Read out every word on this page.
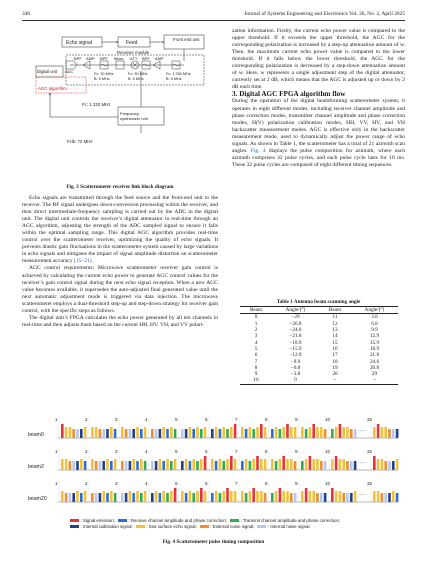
346	Journal of Systems Engineering and Electronics Vol. 36, No. 2, April 2025
Echo signal	Feed
Front end unit
Receiver module
BPF AMP BPF Mixer ATT BPF AMP
ADC
Digital unit	Fc: 30 MHz
B: 5 MHz
Fc: 1 250 MHz
B: 5 MHz
Fc: 30 MHz
B: 5 MHz
AGC algorithm
Fc: 1 220 MHz
Frequency
synthesizer unit
Fclk: 72 MHz
Fig. 3 Scatterometer receiver link block diagram

Echo signals are transmitted through the feed source and the front-end unit to the receiver. The RF signal undergoes down-conversion processing within the receiver, and then direct intermediate-frequency sampling is carried out by the ADC in the digital unit. The digital unit controls the receiver’s digital attenuator in real-time through an AGC algorithm, adjusting the strength of the ADC sampled signal to ensure it falls within the optimal sampling range. This digital AGC algorithm provides real-time control over the scatterometer receiver, optimizing the quality of echo signals. It prevents drastic gain fluctuations in the scatterometer system caused by large variations in echo signals and mitigates the impact of signal amplitude distortion on scatterometer measurement accuracy [15–21].

AGC control requirements: Microwave scatterometer receiver gain control is achieved by calculating the current echo power to generate AGC control values for the receiver’s gain control signal during the next echo signal reception. When a new AGC value becomes available, it supersedes the auto-adjusted final generated value until the next automatic adjustment mode is triggered via data injection. The microwave scatterometer employs a dual-threshold step-up and step-down strategy for receiver gain control, with the specific steps as follows.

The digital unit’s FPGA calculates the echo power generated by all ten channels in real-time and then adjusts them based on the current HH, HV, VH, and VV polari-

zation information. Firstly, the current echo power value is compared to the upper threshold. If it exceeds the upper threshold, the AGC for the corresponding polarization is increased by a step-up attenuation amount of w. Then, the maximum current echo power value is compared to the lower threshold. If it falls below the lower threshold, the AGC for the corresponding polarization is decreased by a step-down attenuation amount of w. Here, w represents a single adjustment step of the digital attenuator, currently set at 2 dB, which means that the AGC is adjusted up or down by 2 dB each time.

3. Digital AGC FPGA algorithm flow

During the operation of the digital beamforming scatterometer system, it operates in eight different modes, including receiver channel amplitude and phase correction modes, transmitter channel amplitude and phase correction modes, H(V) polarization calibration modes, HH, VV, HV, and VH backscatter measurement modes. AGC is effective only in the backscatter measurement mode, used to dynamically adjust the power range of echo signals. As shown in Table 1, the scatterometer has a total of 21 azimuth scan angles. Fig. 4 displays the pulse composition for azimuth, where each azimuth comprises 32 pulse cycles, and each pulse cycle lasts for 10 ms. These 32 pulse cycles are composed of eight different timing sequences.

Table 1 Antenna beam scanning angle
Beam	Angle/(°)	Beam	Angle/(°)
0	−29	11	3.8
1	−26.8	12	6.8
2	−24.6	13	9.9
3	−21.8	14	12.9
4	−18.9	15	15.9
5	−15.9	16	18.9
6	−12.9	17	21.8
7	−9.9	18	24.6
8	−6.8	19	26.8
9	−3.8	20	29
10	0	–	–
beam0
1	2	3	4	5	6	7	8	9	10	32
······
beam2
1	2	3	4	5	6	7	8	9	10	32
······
beam20
1	2	3	4	5	6	7	8	9	10	32
······
: Signal emission;	: Receive channel amplitude and phase correction;	: Transmit channel amplitude and phase correction;
: Internal calibration signal;	: Sea surface echo signal;	: External noise signal;	: Internal noise signal.
Fig. 4 Scatterometer pulse timing composition
